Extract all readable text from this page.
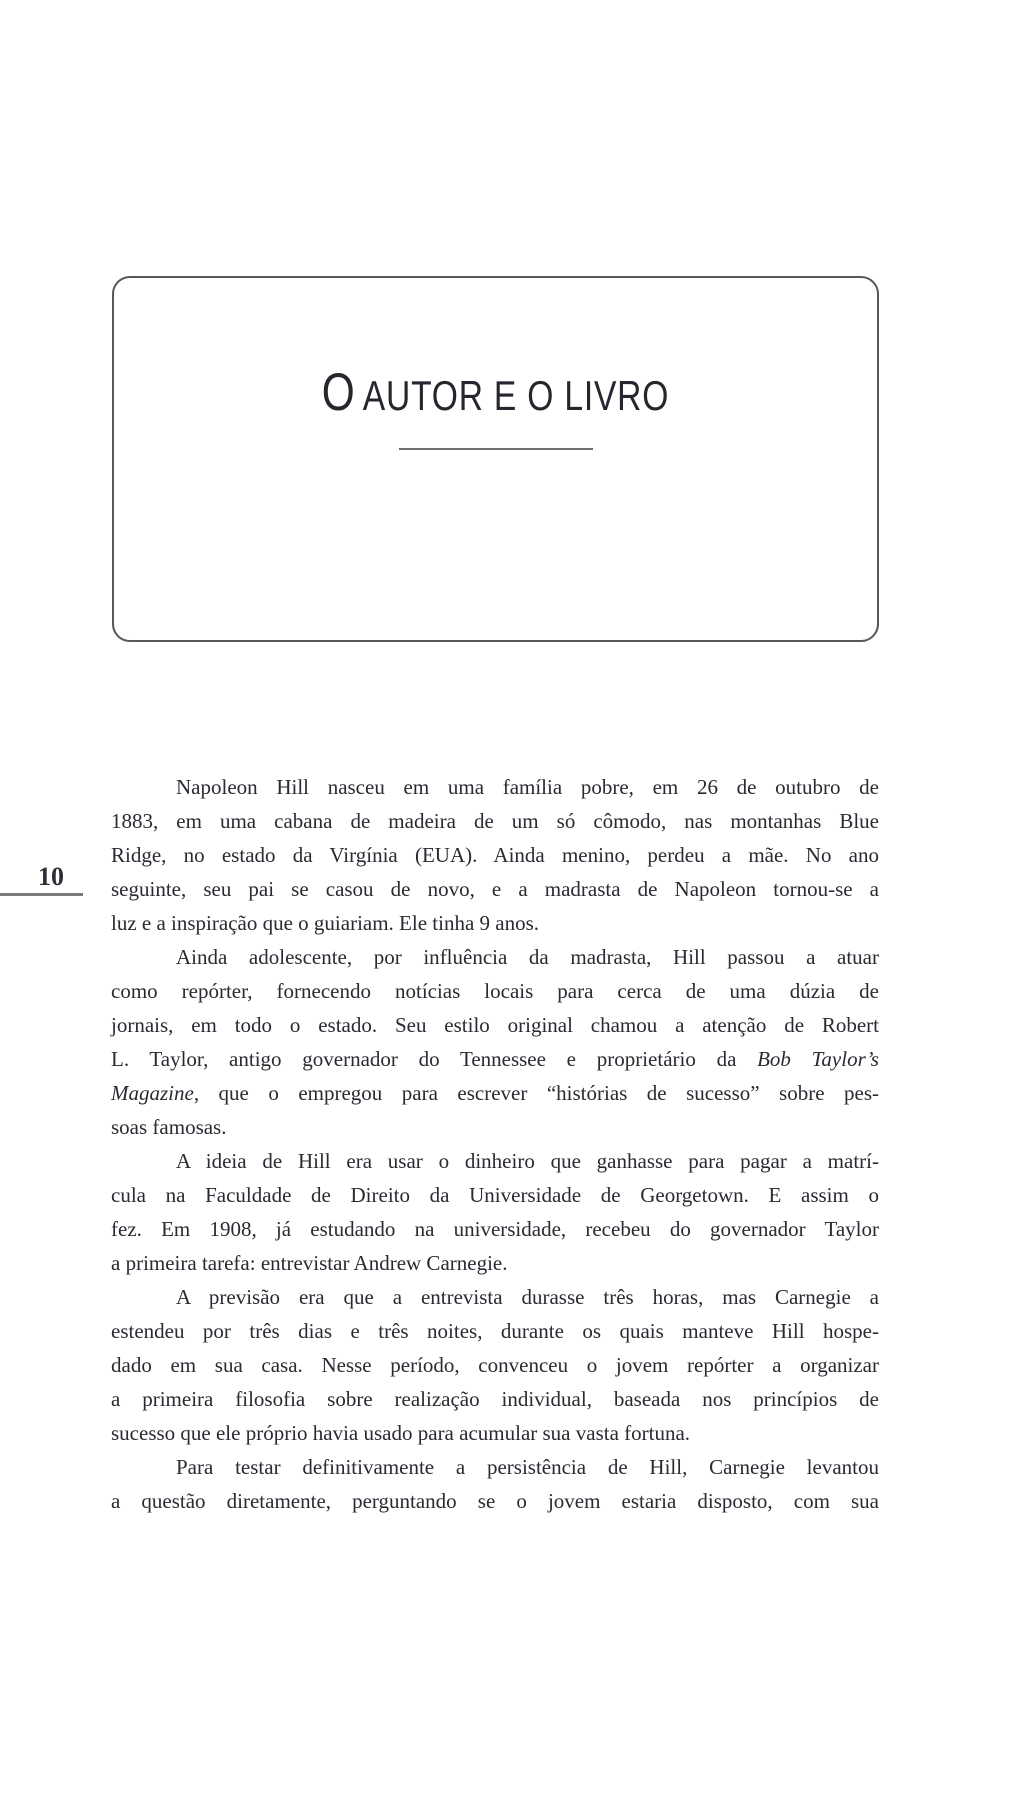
O AUTOR E O LIVRO
10
Napoleon Hill nasceu em uma família pobre, em 26 de outubro de
1883, em uma cabana de madeira de um só cômodo, nas montanhas Blue
Ridge, no estado da Virgínia (EUA). Ainda menino, perdeu a mãe. No ano
seguinte, seu pai se casou de novo, e a madrasta de Napoleon tornou-se a
luz e a inspiração que o guiariam. Ele tinha 9 anos.
Ainda adolescente, por influência da madrasta, Hill passou a atuar
como repórter, fornecendo notícias locais para cerca de uma dúzia de
jornais, em todo o estado. Seu estilo original chamou a atenção de Robert
L. Taylor, antigo governador do Tennessee e proprietário da Bob Taylor’s
Magazine, que o empregou para escrever “histórias de sucesso” sobre pes-
soas famosas.
A ideia de Hill era usar o dinheiro que ganhasse para pagar a matrí-
cula na Faculdade de Direito da Universidade de Georgetown. E assim o
fez. Em 1908, já estudando na universidade, recebeu do governador Taylor
a primeira tarefa: entrevistar Andrew Carnegie.
A previsão era que a entrevista durasse três horas, mas Carnegie a
estendeu por três dias e três noites, durante os quais manteve Hill hospe-
dado em sua casa. Nesse período, convenceu o jovem repórter a organizar
a primeira filosofia sobre realização individual, baseada nos princípios de
sucesso que ele próprio havia usado para acumular sua vasta fortuna.
Para testar definitivamente a persistência de Hill, Carnegie levantou
a questão diretamente, perguntando se o jovem estaria disposto, com sua
